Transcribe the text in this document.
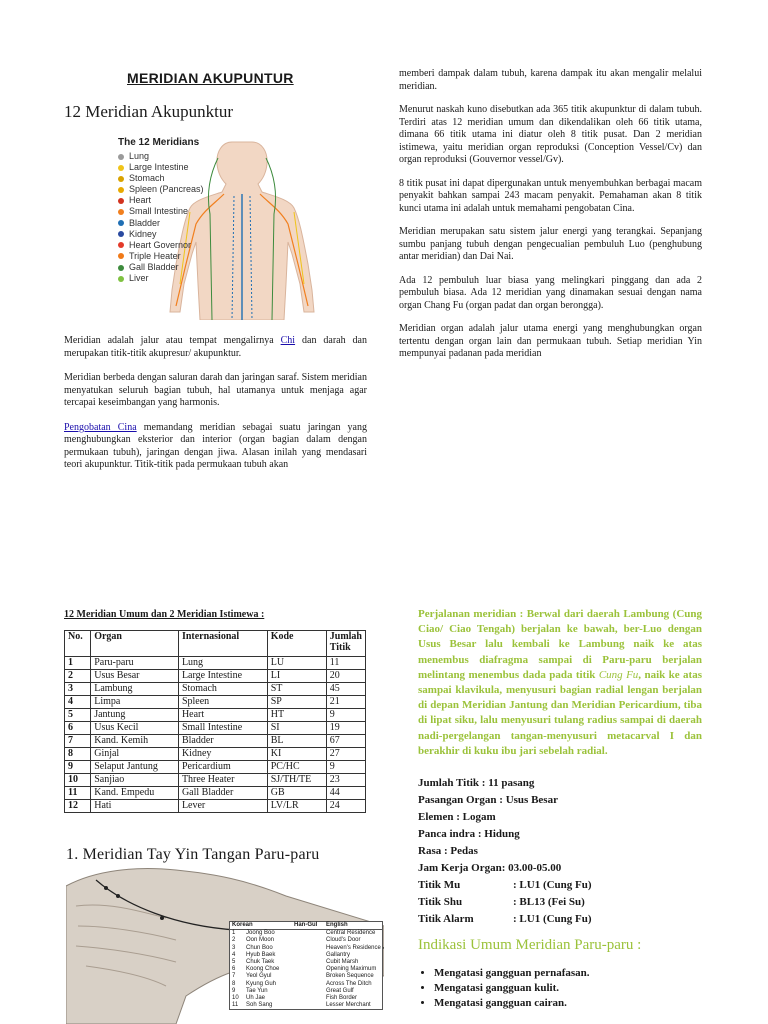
MERIDIAN AKUPUNTUR
12 Meridian Akupunktur
The 12 Meridians
Lung
Large Intestine
Stomach
Spleen (Pancreas)
Heart
Small Intestine
Bladder
Kidney
Heart Governor
Triple Heater
Gall Bladder
Liver

Meridian adalah jalur atau tempat mengalirnya Chi dan darah dan merupakan titik-titik akupresur/ akupunktur.

Meridian berbeda dengan saluran darah dan jaringan saraf. Sistem meridian menyatukan seluruh bagian tubuh, hal utamanya untuk menjaga agar tercapai keseimbangan yang harmonis.

Pengobatan Cina memandang meridian sebagai suatu jaringan yang menghubungkan eksterior dan interior (organ bagian dalam dengan permukaan tubuh), jaringan dengan jiwa. Alasan inilah yang mendasari teori akupunktur. Titik-titik pada permukaan tubuh akan

memberi dampak dalam tubuh, karena dampak itu akan mengalir melalui meridian.

Menurut naskah kuno disebutkan ada 365 titik akupunktur di dalam tubuh. Terdiri atas 12 meridian umum dan dikendalikan oleh 66 titik utama, dimana 66 titik utama ini diatur oleh 8 titik pusat. Dan 2 meridian istimewa, yaitu meridian organ reproduksi (Conception Vessel/Cv) dan organ reproduksi (Gouvernor vessel/Gv).

8 titik pusat ini dapat dipergunakan untuk menyembuhkan berbagai macam penyakit bahkan sampai 243 macam penyakit. Pemahaman akan 8 titik kunci utama ini adalah untuk memahami pengobatan Cina.

Meridian merupakan satu sistem jalur energi yang terangkai. Sepanjang sumbu panjang tubuh dengan pengecualian pembuluh Luo (penghubung antar meridian) dan Dai Nai.

Ada 12 pembuluh luar biasa yang melingkari pinggang dan ada 2 pembuluh biasa. Ada 12 meridian yang dinamakan sesuai dengan nama organ Chang Fu (organ padat dan organ berongga).

Meridian organ adalah jalur utama energi yang menghubungkan organ tertentu dengan organ lain dan permukaan tubuh. Setiap meridian Yin mempunyai padanan pada meridian

12 Meridian Umum dan 2 Meridian Istimewa :
No.	Organ	Internasional	Kode	Jumlah Titik
1	Paru-paru	Lung	LU	11
2	Usus Besar	Large Intestine	LI	20
3	Lambung	Stomach	ST	45
4	Limpa	Spleen	SP	21
5	Jantung	Heart	HT	9
6	Usus Kecil	Small Intestine	SI	19
7	Kand. Kemih	Bladder	BL	67
8	Ginjal	Kidney	KI	27
9	Selaput Jantung	Pericardium	PC/HC	9
10	Sanjiao	Three Heater	SJ/TH/TE	23
11	Kand. Empedu	Gall Bladder	GB	44
12	Hati	Lever	LV/LR	24
1. Meridian Tay Yin Tangan Paru-paru
Korean	Han-Gul	English
1	Joong Boo	Central Residence
2	Oon Moon	Cloud's Door
3	Chun Boo	Heaven's Residence
4	Hyub Baek	Gallantry
5	Chuk Taek	Cubit Marsh
6	Koong Choe	Opening Maximum
7	Yeol Gyul	Broken Sequence
8	Kyung Guh	Across The Ditch
9	Tae Yun	Great Gulf
10	Uh Jae	Fish Border
11	Soh Sang	Lesser Merchant
Perjalanan meridian : Berwal dari daerah Lambung (Cung Ciao/ Ciao Tengah) berjalan ke bawah, ber-Luo dengan Usus Besar lalu kembali ke Lambung naik ke atas menembus diafragma sampai di Paru-paru berjalan melintang menembus dada pada titik Cung Fu, naik ke atas sampai klavikula, menyusuri bagian radial lengan berjalan di depan Meridian Jantung dan Meridian Pericardium, tiba di lipat siku, lalu menyusuri tulang radius sampai di daerah nadi-pergelangan tangan-menyusuri metacarval I dan berakhir di kuku ibu jari sebelah radial.
Jumlah Titik : 11 pasang
Pasangan Organ : Usus Besar
Elemen : Logam
Panca indra : Hidung
Rasa : Pedas
Jam Kerja Organ: 03.00-05.00
Titik Mu	: LU1 (Cung Fu)
Titik Shu	: BL13 (Fei Su)
Titik Alarm	: LU1 (Cung Fu)
Indikasi Umum Meridian Paru-paru :
• Mengatasi gangguan pernafasan.
• Mengatasi gangguan kulit.
• Mengatasi gangguan cairan.
